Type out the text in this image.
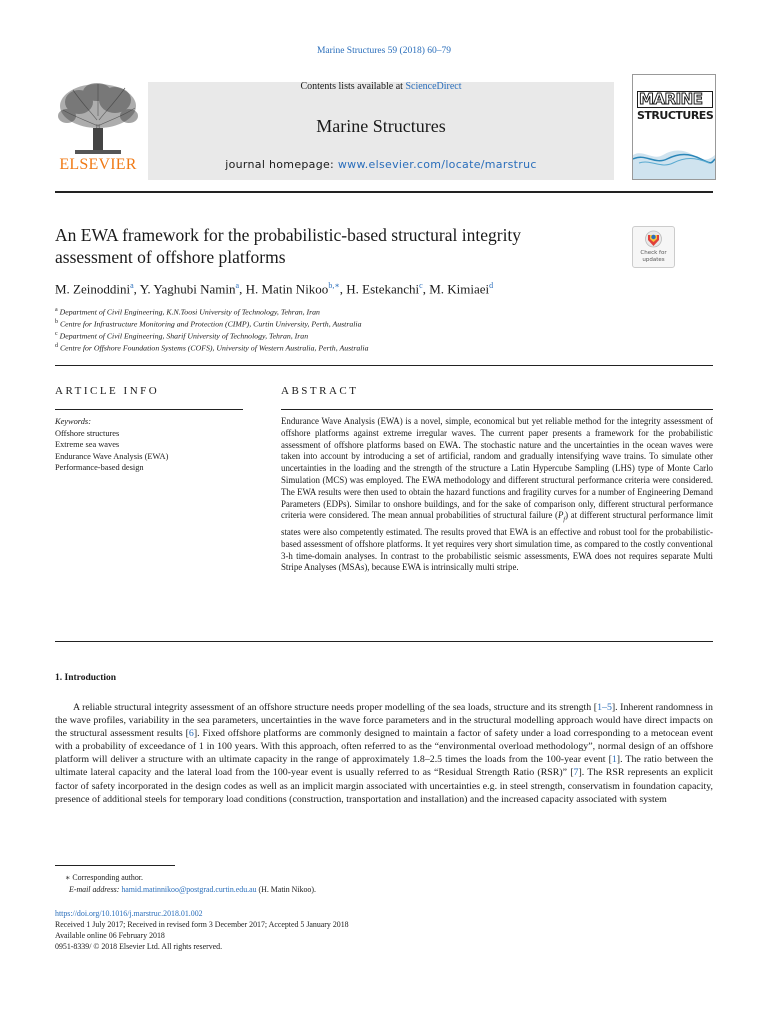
Marine Structures 59 (2018) 60–79
ELSEVIER
Contents lists available at ScienceDirect
Marine Structures
journal homepage: www.elsevier.com/locate/marstruc
MARINE
STRUCTURES
An EWA framework for the probabilistic-based structural integrity
assessment of offshore platforms	Check for
updates
M. Zeinoddini$^a$, Y. Yaghubi Namin$^a$, H. Matin Nikoo$^{b,∗}$, H. Estekanchi$^c$, M. Kimiaei$^d$
$^a$ Department of Civil Engineering, K.N.Toosi University of Technology, Tehran, Iran
$^b$ Centre for Infrastructure Monitoring and Protection (CIMP), Curtin University, Perth, Australia
$^c$ Department of Civil Engineering, Sharif University of Technology, Tehran, Iran
$^d$ Centre for Offshore Foundation Systems (COFS), University of Western Australia, Perth, Australia
ARTICLE INFO
Keywords:
Offshore structures
Extreme sea waves
Endurance Wave Analysis (EWA)
Performance-based design
ABSTRACT
Endurance Wave Analysis (EWA) is a novel, simple, economical but yet reliable method for the integrity assessment of offshore platforms against extreme irregular waves. The current paper presents a framework for the probabilistic assessment of offshore platforms based on EWA. The stochastic nature and the uncertainties in the ocean waves were taken into account by introducing a set of artificial, random and gradually intensifying wave trains. To simulate other uncertainties in the loading and the strength of the structure a Latin Hypercube Sampling (LHS) type of Monte Carlo Simulation (MCS) was employed. The EWA methodology and different structural performance criteria were considered. The EWA results were then used to obtain the hazard functions and fragility curves for a number of Engineering Demand Parameters (EDPs). Similar to onshore buildings, and for the sake of comparison only, different structural performance criteria were considered. The mean annual probabilities of structural failure $(P_f)$ at different structural performance limit states were also competently estimated. The results proved that EWA is an effective and robust tool for the probabilistic-based assessment of offshore platforms. It yet requires very short simulation time, as compared to the costly conventional 3-h time-domain analyses. In contrast to the probabilistic seismic assessments, EWA does not requires separate Multi Stripe Analyses (MSAs), because EWA is intrinsically multi stripe.
1. Introduction

A reliable structural integrity assessment of an offshore structure needs proper modelling of the sea loads, structure and its strength [1–5]. Inherent randomness in the wave profiles, variability in the sea parameters, uncertainties in the wave force parameters and in the structural modelling approach would have direct impacts on the structural assessment results [6]. Fixed offshore platforms are commonly designed to maintain a factor of safety under a load corresponding to a metocean event with a probability of exceedance of 1 in 100 years. With this approach, often referred to as the “environmental overload methodology”, normal design of an offshore platform will deliver a structure with an ultimate capacity in the range of approximately 1.8–2.5 times the loads from the 100-year event [1]. The ratio between the ultimate lateral capacity and the lateral load from the 100-year event is usually referred to as “Residual Strength Ratio (RSR)” [7]. The RSR represents an explicit factor of safety incorporated in the design codes as well as an implicit margin associated with uncertainties e.g. in steel strength, conservatism in foundation capacity, presence of additional steels for temporary load conditions (construction, transportation and installation) and the increased capacity associated with system

∗ Corresponding author.
E-mail address: hamid.matinnikoo@postgrad.curtin.edu.au (H. Matin Nikoo).
https://doi.org/10.1016/j.marstruc.2018.01.002
Received 1 July 2017; Received in revised form 3 December 2017; Accepted 5 January 2018
Available online 06 February 2018
0951-8339/ © 2018 Elsevier Ltd. All rights reserved.
